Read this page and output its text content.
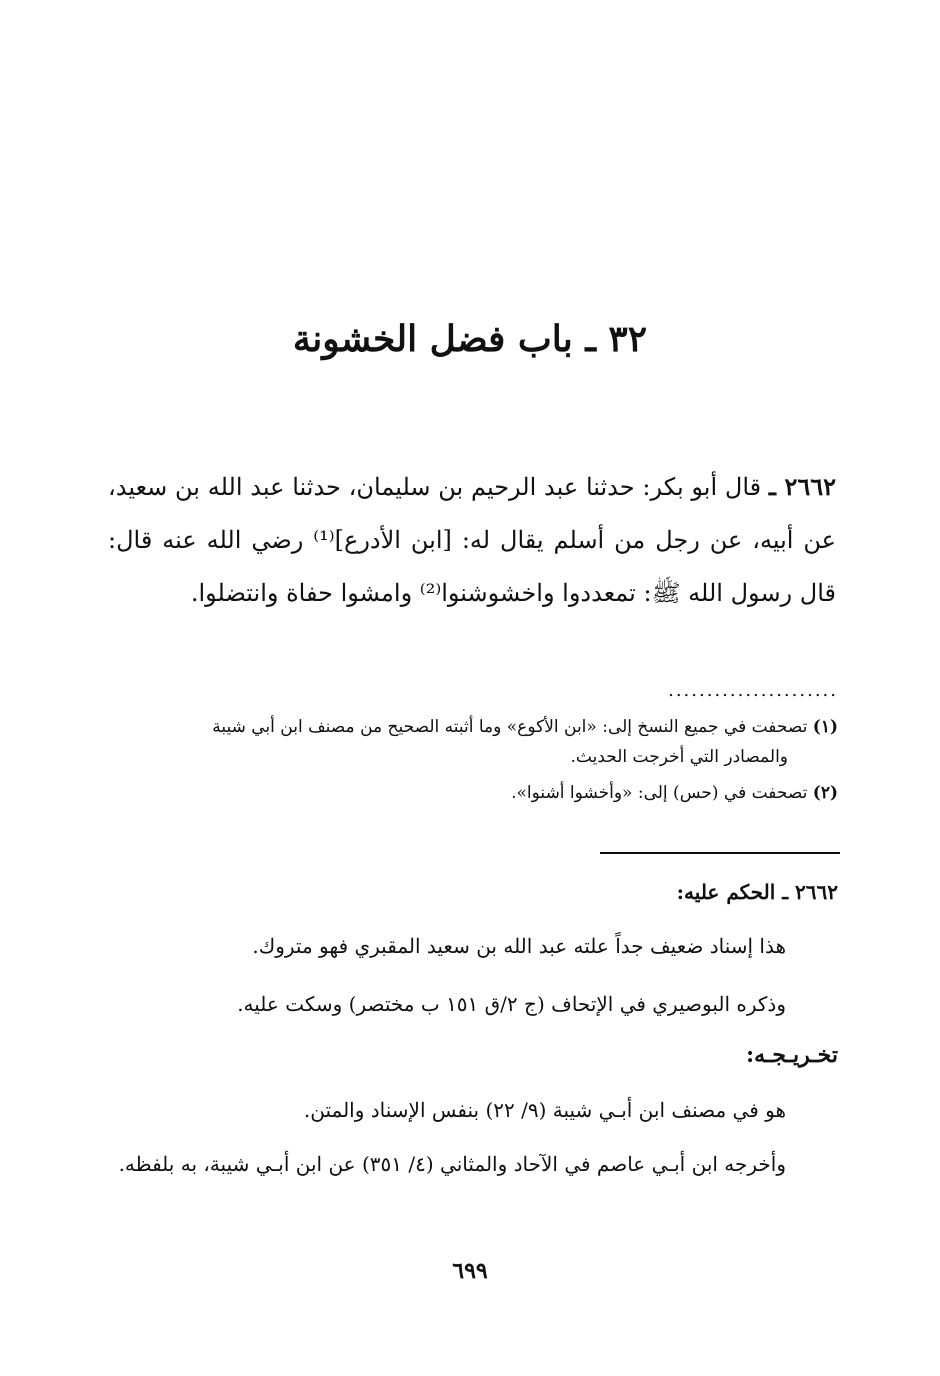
٣٢ ـ باب فضل الخشونة
٢٦٦٢ ـ قال أبو بكر: حدثنا عبد الرحيم بن سليمان، حدثنا عبد الله بن سعيد، عن أبيه، عن رجل من أسلم يقال له: [ابن الأدرع]⁽¹⁾ رضي الله عنه قال: قال رسول الله ﷺ: تمعددوا واخشوشنوا⁽²⁾ وامشوا حفاة وانتضلوا.
......................
(١) تصحفت في جميع النسخ إلى: «ابن الأكوع» وما أثبته الصحيح من مصنف ابن أبي شيبة
والمصادر التي أخرجت الحديث.
(٢) تصحفت في (حس) إلى: «وأخشوا أشنوا».
٢٦٦٢ ـ الحكم عليه:
هذا إسناد ضعيف جداً علته عبد الله بن سعيد المقبري فهو متروك.
وذكره البوصيري في الإتحاف (ج ٢/ق ١٥١ ب مختصر) وسكت عليه.
تخـريـجـه:
هو في مصنف ابن أبـي شيبة (٩/ ٢٢) بنفس الإسناد والمتن.
وأخرجه ابن أبـي عاصم في الآحاد والمثاني (٤/ ٣٥١) عن ابن أبـي شيبة، به بلفظه.
٦٩٩
